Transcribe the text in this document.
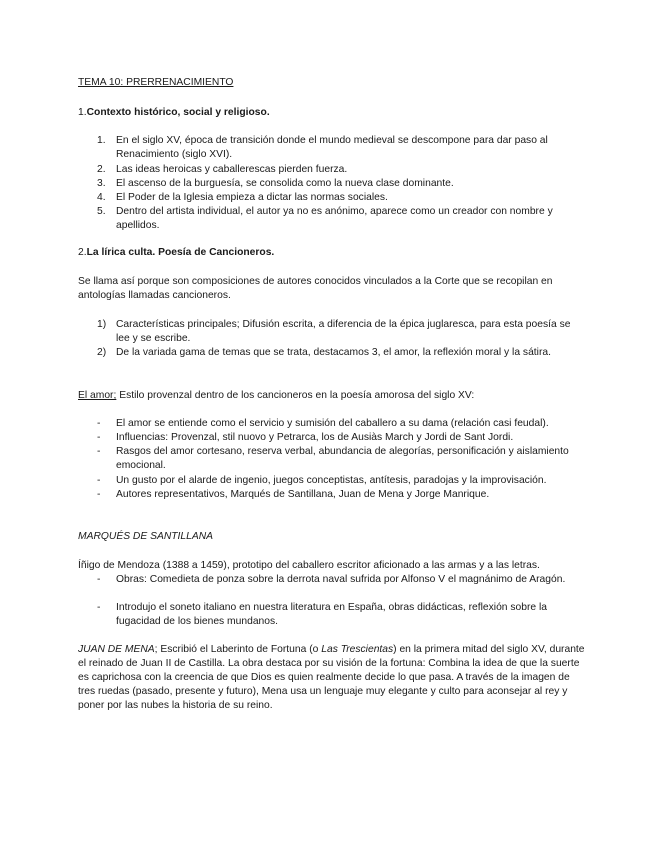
TEMA 10: PRERRENACIMIENTO

1.Contexto histórico, social y religioso.

1. En el siglo XV, época de transición donde el mundo medieval se descompone para dar paso al Renacimiento (siglo XVI).
2. Las ideas heroicas y caballerescas pierden fuerza.
3. El ascenso de la burguesía, se consolida como la nueva clase dominante.
4. El Poder de la Iglesia empieza a dictar las normas sociales.
5. Dentro del artista individual, el autor ya no es anónimo, aparece como un creador con nombre y apellidos.

2.La lírica culta. Poesía de Cancioneros.

Se llama así porque son composiciones de autores conocidos vinculados a la Corte que se recopilan en antologías llamadas cancioneros.

1) Características principales; Difusión escrita, a diferencia de la épica juglaresca, para esta poesía se lee y se escribe.
2) De la variada gama de temas que se trata, destacamos 3, el amor, la reflexión moral y la sátira.

El amor; Estilo provenzal dentro de los cancioneros en la poesía amorosa del siglo XV:

- El amor se entiende como el servicio y sumisión del caballero a su dama (relación casi feudal).
- Influencias: Provenzal, stil nuovo y Petrarca, los de Ausiàs March y Jordi de Sant Jordi.
- Rasgos del amor cortesano, reserva verbal, abundancia de alegorías, personificación y aislamiento emocional.
- Un gusto por el alarde de ingenio, juegos conceptistas, antítesis, paradojas y la improvisación.
- Autores representativos, Marqués de Santillana, Juan de Mena y Jorge Manrique.

MARQUÉS DE SANTILLANA

Íñigo de Mendoza (1388 a 1459), prototipo del caballero escritor aficionado a las armas y a las letras.

- Obras: Comedieta de ponza sobre la derrota naval sufrida por Alfonso V el magnánimo de Aragón.
- Introdujo el soneto italiano en nuestra literatura en España, obras didácticas, reflexión sobre la fugacidad de los bienes mundanos.

JUAN DE MENA; Escribió el Laberinto de Fortuna (o Las Trescientas) en la primera mitad del siglo XV, durante el reinado de Juan II de Castilla. La obra destaca por su visión de la fortuna: Combina la idea de que la suerte es caprichosa con la creencia de que Dios es quien realmente decide lo que pasa. A través de la imagen de tres ruedas (pasado, presente y futuro), Mena usa un lenguaje muy elegante y culto para aconsejar al rey y poner por las nubes la historia de su reino.
